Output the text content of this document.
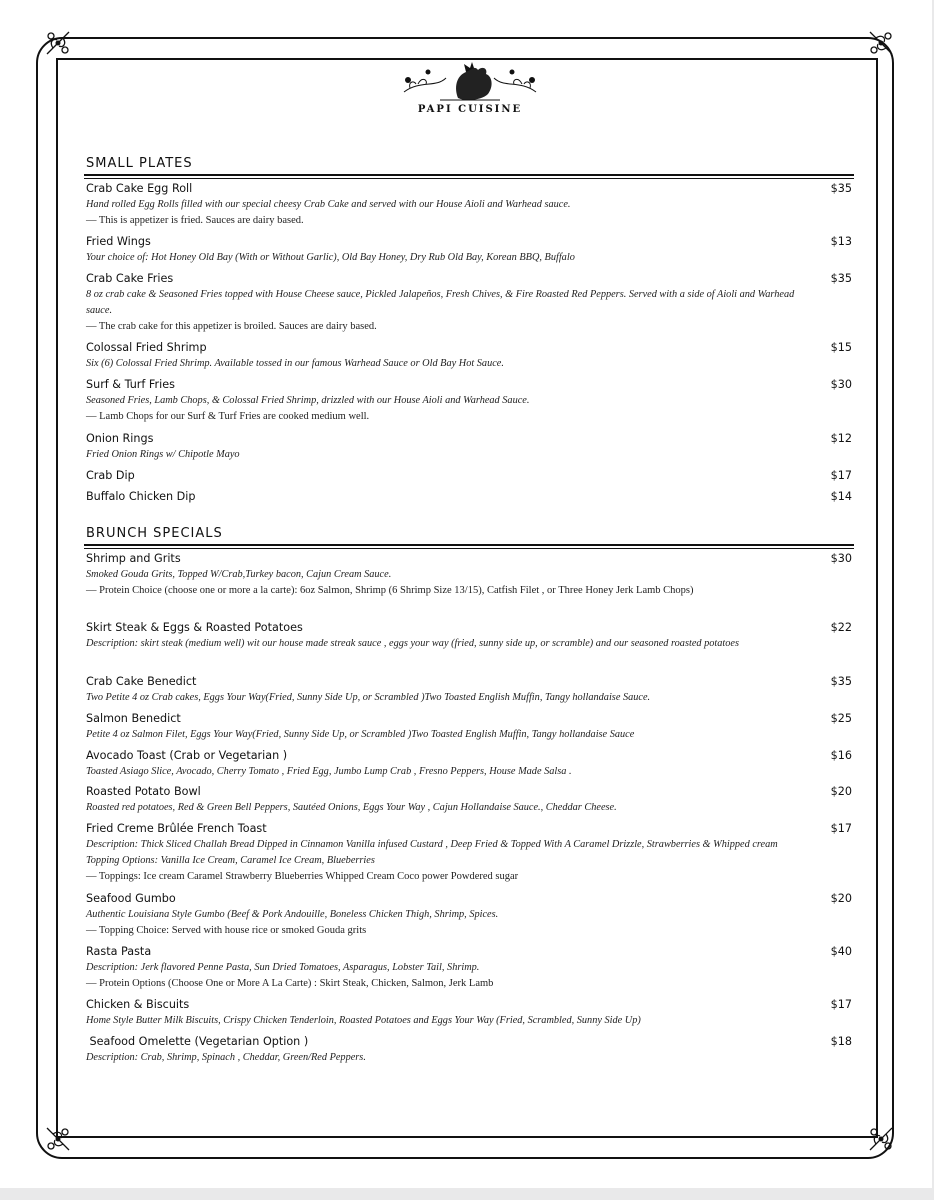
PAPI CUISINE
SMALL PLATES
Crab Cake Egg Roll	$35
Hand rolled Egg Rolls filled with our special cheesy Crab Cake and served with our House Aioli and Warhead sauce.
— This is appetizer is fried. Sauces are dairy based.
Fried Wings	$13
Your choice of: Hot Honey Old Bay (With or Without Garlic), Old Bay Honey, Dry Rub Old Bay, Korean BBQ, Buffalo
Crab Cake Fries	$35
8 oz crab cake & Seasoned Fries topped with House Cheese sauce, Pickled Jalapeños, Fresh Chives, & Fire Roasted Red Peppers. Served with a side of Aioli and Warhead sauce.
— The crab cake for this appetizer is broiled. Sauces are dairy based.
Colossal Fried Shrimp	$15
Six (6) Colossal Fried Shrimp. Available tossed in our famous Warhead Sauce or Old Bay Hot Sauce.
Surf & Turf Fries	$30
Seasoned Fries, Lamb Chops, & Colossal Fried Shrimp, drizzled with our House Aioli and Warhead Sauce.
— Lamb Chops for our Surf & Turf Fries are cooked medium well.
Onion Rings	$12
Fried Onion Rings w/ Chipotle Mayo
Crab Dip	$17
Buffalo Chicken Dip	$14
BRUNCH SPECIALS
Shrimp and Grits	$30
Smoked Gouda Grits, Topped W/Crab,Turkey bacon, Cajun Cream Sauce.
— Protein Choice (choose one or more a la carte): 6oz Salmon, Shrimp (6 Shrimp Size 13/15), Catfish Filet , or Three Honey Jerk Lamb Chops)
Skirt Steak & Eggs & Roasted Potatoes	$22
Description: skirt steak (medium well) wit our house made streak sauce , eggs your way (fried, sunny side up, or scramble) and our seasoned roasted potatoes
Crab Cake Benedict	$35
Two Petite 4 oz Crab cakes, Eggs Your Way(Fried, Sunny Side Up, or Scrambled )Two Toasted English Muffin, Tangy hollandaise Sauce.
Salmon Benedict	$25
Petite 4 oz Salmon Filet, Eggs Your Way(Fried, Sunny Side Up, or Scrambled )Two Toasted English Muffin, Tangy hollandaise Sauce
Avocado Toast (Crab or Vegetarian )	$16
Toasted Asiago Slice, Avocado, Cherry Tomato , Fried Egg, Jumbo Lump Crab , Fresno Peppers, House Made Salsa .
Roasted Potato Bowl	$20
Roasted red potatoes, Red & Green Bell Peppers, Sautéed Onions, Eggs Your Way , Cajun Hollandaise Sauce., Cheddar Cheese.
Fried Creme Brûlée French Toast	$17
Description: Thick Sliced Challah Bread Dipped in Cinnamon Vanilla infused Custard , Deep Fried & Topped With A Caramel Drizzle, Strawberries & Whipped cream Topping Options: Vanilla Ice Cream, Caramel Ice Cream, Blueberries
— Toppings: Ice cream Caramel Strawberry Blueberries Whipped Cream Coco power Powdered sugar
Seafood Gumbo	$20
Authentic Louisiana Style Gumbo (Beef & Pork Andouille, Boneless Chicken Thigh, Shrimp, Spices.
— Topping Choice: Served with house rice or smoked Gouda grits
Rasta Pasta	$40
Description: Jerk flavored Penne Pasta, Sun Dried Tomatoes, Asparagus, Lobster Tail, Shrimp.
— Protein Options (Choose One or More A La Carte) : Skirt Steak, Chicken, Salmon, Jerk Lamb
Chicken & Biscuits	$17
Home Style Butter Milk Biscuits, Crispy Chicken Tenderloin, Roasted Potatoes and Eggs Your Way (Fried, Scrambled, Sunny Side Up)
Seafood Omelette (Vegetarian Option )	$18
Description: Crab, Shrimp, Spinach , Cheddar, Green/Red Peppers.
